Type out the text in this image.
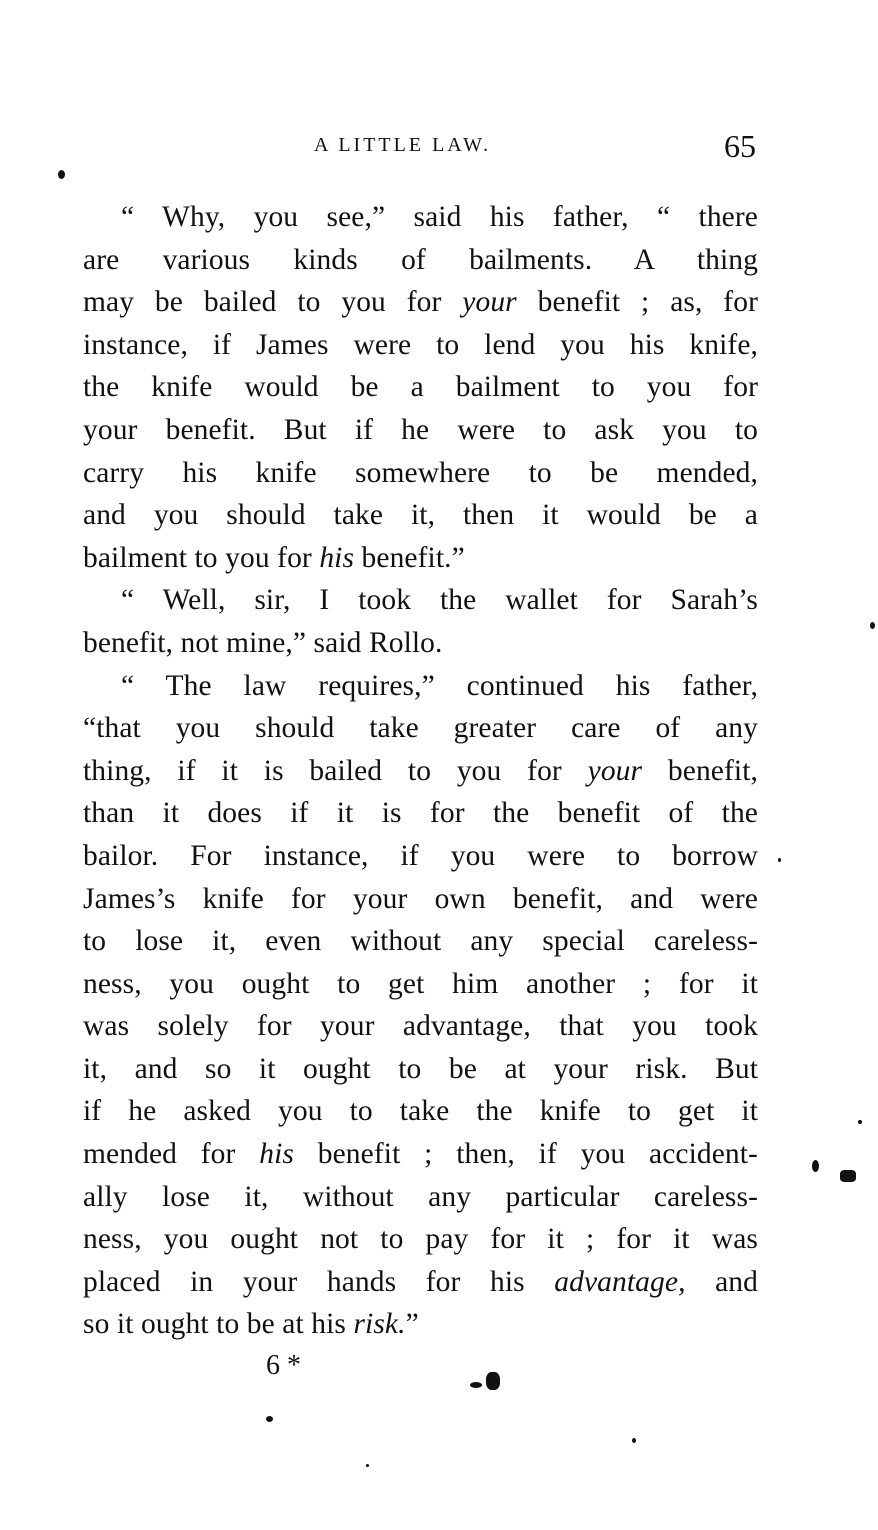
A LITTLE LAW.	65
“ Why, you see,” said his father, “ there
are various kinds of bailments. A thing
may be bailed to you for your benefit ; as, for
instance, if James were to lend you his knife,
the knife would be a bailment to you for
your benefit. But if he were to ask you to
carry his knife somewhere to be mended,
and you should take it, then it would be a
bailment to you for his benefit.”
“ Well, sir, I took the wallet for Sarah’s
benefit, not mine,” said Rollo.
“ The law requires,” continued his father,
“that you should take greater care of any
thing, if it is bailed to you for your benefit,
than it does if it is for the benefit of the
bailor. For instance, if you were to borrow
James’s knife for your own benefit, and were
to lose it, even without any special careless-
ness, you ought to get him another ; for it
was solely for your advantage, that you took
it, and so it ought to be at your risk. But
if he asked you to take the knife to get it
mended for his benefit ; then, if you accident-
ally lose it, without any particular careless-
ness, you ought not to pay for it ; for it was
placed in your hands for his advantage, and
so it ought to be at his risk.”
6 *
